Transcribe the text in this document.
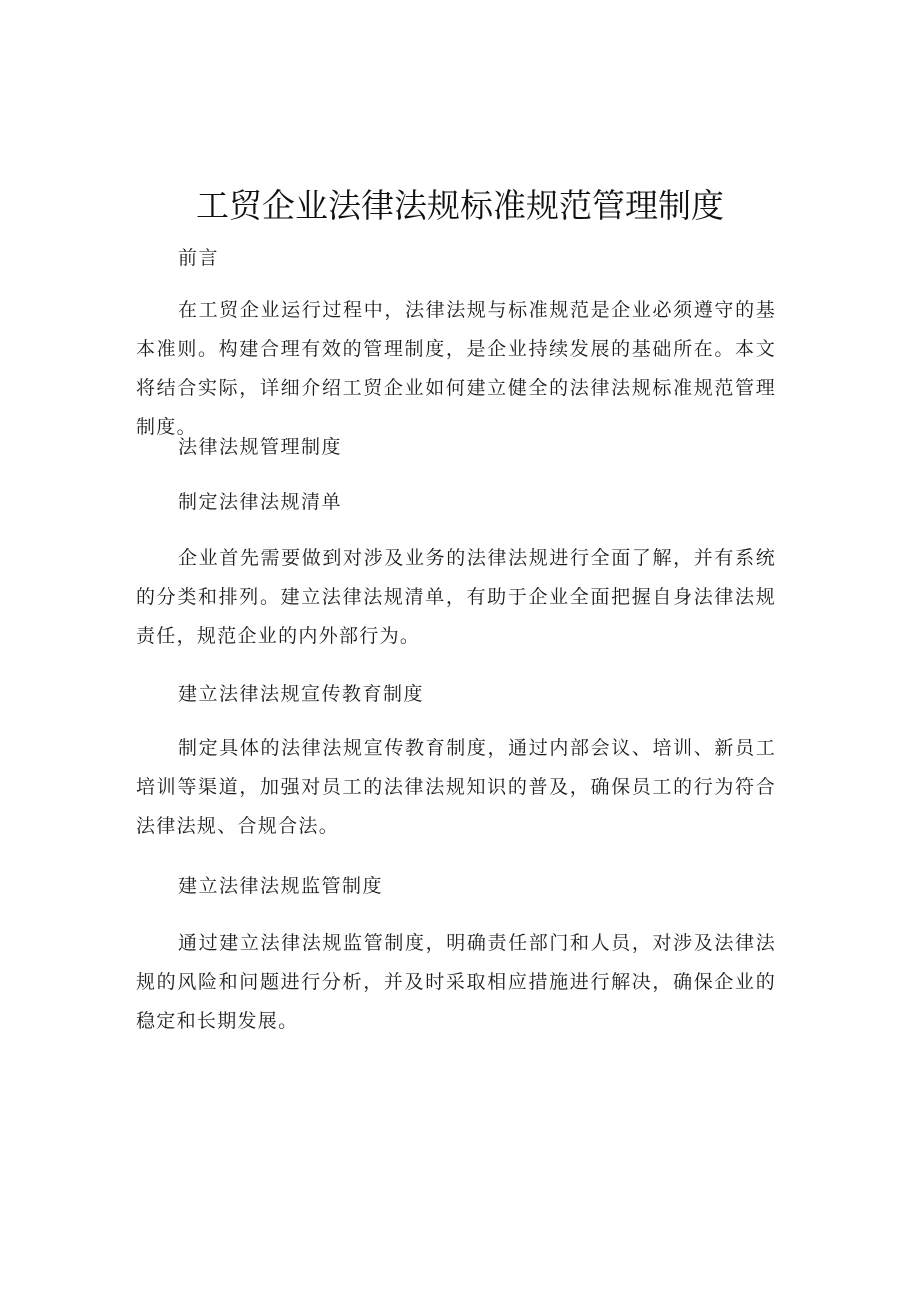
工贸企业法律法规标准规范管理制度

前言

在工贸企业运行过程中，法律法规与标准规范是企业必须遵守的基本准则。构建合理有效的管理制度，是企业持续发展的基础所在。本文将结合实际，详细介绍工贸企业如何建立健全的法律法规标准规范管理制度。

法律法规管理制度

制定法律法规清单

企业首先需要做到对涉及业务的法律法规进行全面了解，并有系统的分类和排列。建立法律法规清单，有助于企业全面把握自身法律法规责任，规范企业的内外部行为。

建立法律法规宣传教育制度

制定具体的法律法规宣传教育制度，通过内部会议、培训、新员工培训等渠道，加强对员工的法律法规知识的普及，确保员工的行为符合法律法规、合规合法。

建立法律法规监管制度

通过建立法律法规监管制度，明确责任部门和人员，对涉及法律法规的风险和问题进行分析，并及时采取相应措施进行解决，确保企业的稳定和长期发展。
